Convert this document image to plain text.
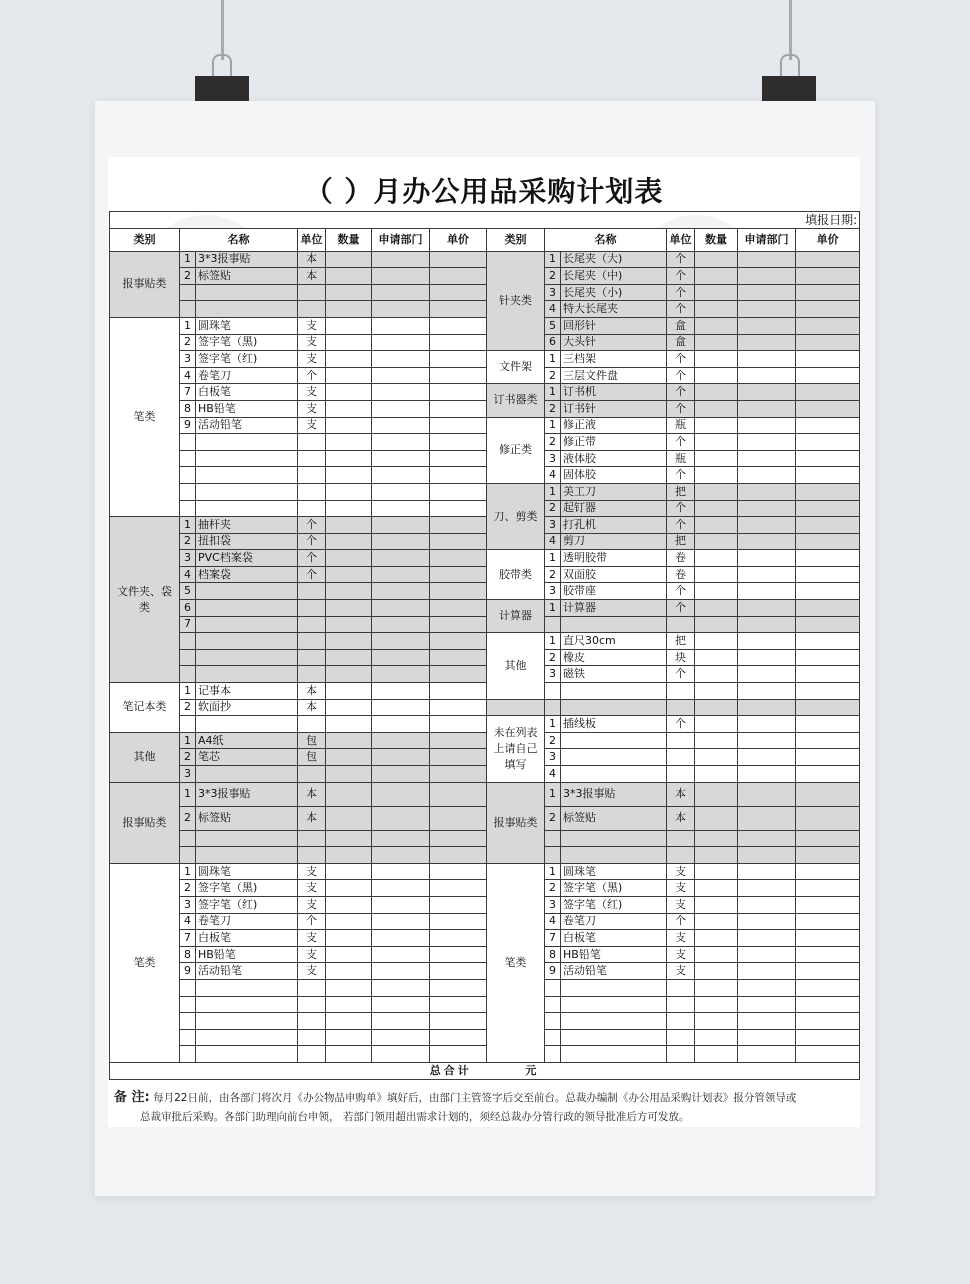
（ ）月办公用品采购计划表
填报日期:													
类别	名称		单位	数量	申请部门	单价	类别	名称		单位	数量	申请部门	单价
报事贴类	1	3*3报事贴	本				针夹类	1	长尾夹（大)	个			
	2	标签贴	本					2	长尾夹（中)	个			
								3	长尾夹（小)	个			
								4	特大长尾夹	个			
笔类	1	圆珠笔	支					5	回形针	盒			
	2	签字笔（黑)	支					6	大头针	盒			
	3	签字笔（红)	支				文件架	1	三档架	个			
	4	卷笔刀	个					2	三层文件盘	个			
	7	白板笔	支				订书器类	1	订书机	个			
	8	HB铅笔	支					2	订书针	个			
	9	活动铅笔	支				修正类	1	修正液	瓶			
								2	修正带	个			
								3	液体胶	瓶			
								4	固体胶	个			
							刀、剪类	1	美工刀	把			
								2	起钉器	个			
文件夹、袋类	1	抽杆夹	个					3	打孔机	个			
	2	扭扣袋	个					4	剪刀	把			
	3	PVC档案袋	个				胶带类	1	透明胶带	卷			
	4	档案袋	个					2	双面胶	卷			
	5							3	胶带座	个			
	6						计算器	1	计算器	个			
	7												
							其他	1	直尺30cm	把			
								2	橡皮	块			
								3	磁铁	个			
笔记本类	1	记事本	本										
	2	软面抄	本										
							未在列表上请自己填写	1	插线板	个			
其他	1	A4纸	包					2					
	2	笔芯	包					3					
	3							4					
报事贴类	1	3*3报事贴	本				报事贴类	1	3*3报事贴	本			
	2	标签贴	本					2	标签贴	本			

笔类	1	圆珠笔	支				笔类	1	圆珠笔	支			
	2	签字笔（黑)	支					2	签字笔（黑)	支			
	3	签字笔（红)	支					3	签字笔（红)	支			
	4	卷笔刀	个					4	卷笔刀	个			
	7	白板笔	支					7	白板笔	支			
	8	HB铅笔	支					8	HB铅笔	支			
	9	活动铅笔	支					9	活动铅笔	支			

总合计 元													
备 注: 每月22日前，由各部门将次月《办公物品申购单》填好后，由部门主管签字后交至前台。总裁办编制《办公用品采购计划表》报分管领导或
总裁审批后采购。各部门助理向前台申领， 若部门领用超出需求计划的，须经总裁办分管行政的领导批准后方可发放。
